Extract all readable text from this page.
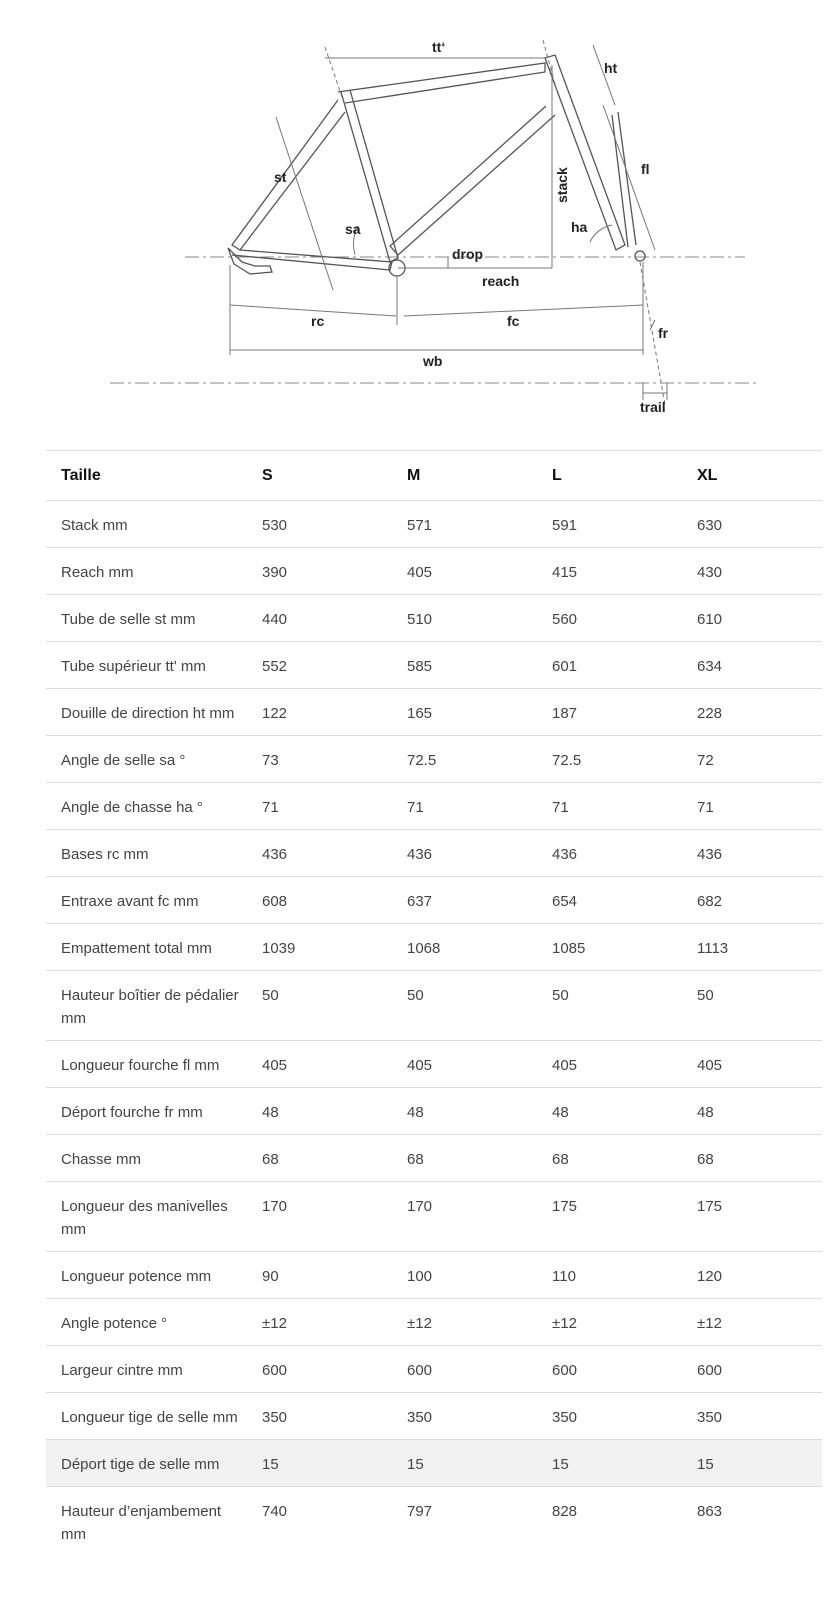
tt‘
ht
st	stack	fl
sa	ha
drop
reach
rc	fc
fr
wb
trail
Taille	S	M	L	XL
Stack mm	530	571	591	630
Reach mm	390	405	415	430
Tube de selle st mm	440	510	560	610
Tube supérieur tt' mm	552	585	601	634
Douille de direction ht mm	122	165	187	228
Angle de selle sa °	73	72.5	72.5	72
Angle de chasse ha °	71	71	71	71
Bases rc mm	436	436	436	436
Entraxe avant fc mm	608	637	654	682
Empattement total mm	1039	1068	1085	1113
Hauteur boîtier de pédalier mm	50	50	50	50
Longueur fourche fl mm	405	405	405	405
Déport fourche fr mm	48	48	48	48
Chasse mm	68	68	68	68
Longueur des manivelles mm	170	170	175	175
Longueur potence mm	90	100	110	120
Angle potence °	±12	±12	±12	±12
Largeur cintre mm	600	600	600	600
Longueur tige de selle mm	350	350	350	350
Déport tige de selle mm	15	15	15	15
Hauteur d’enjambement mm	740	797	828	863
